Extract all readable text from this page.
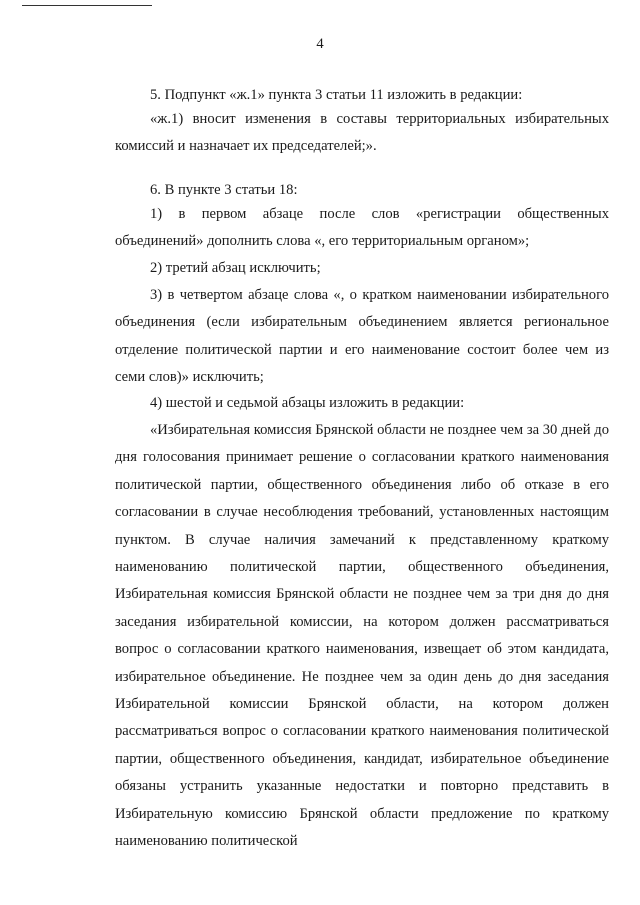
4

5. Подпункт «ж.1» пункта 3 статьи 11 изложить в редакции:

«ж.1) вносит изменения в составы территориальных избирательных комиссий и назначает их председателей;».

6. В пункте 3 статьи 18:

1) в первом абзаце после слов «регистрации общественных объединений» дополнить слова «, его территориальным органом»;

2) третий абзац исключить;

3) в четвертом абзаце слова «, о кратком наименовании избирательного объединения (если избирательным объединением является региональное отделение политической партии и его наименование состоит более чем из семи слов)» исключить;

4) шестой и седьмой абзацы изложить в редакции:

«Избирательная комиссия Брянской области не позднее чем за 30 дней до дня голосования принимает решение о согласовании краткого наименования политической партии, общественного объединения либо об отказе в его согласовании в случае несоблюдения требований, установленных настоящим пунктом. В случае наличия замечаний к представленному краткому наименованию политической партии, общественного объединения, Избирательная комиссия Брянской области не позднее чем за три дня до дня заседания избирательной комиссии, на котором должен рассматриваться вопрос о согласовании краткого наименования, извещает об этом кандидата, избирательное объединение. Не позднее чем за один день до дня заседания Избирательной комиссии Брянской области, на котором должен рассматриваться вопрос о согласовании краткого наименования политической партии, общественного объединения, кандидат, избирательное объединение обязаны устранить указанные недостатки и повторно представить в Избирательную комиссию Брянской области предложение по краткому наименованию политической
